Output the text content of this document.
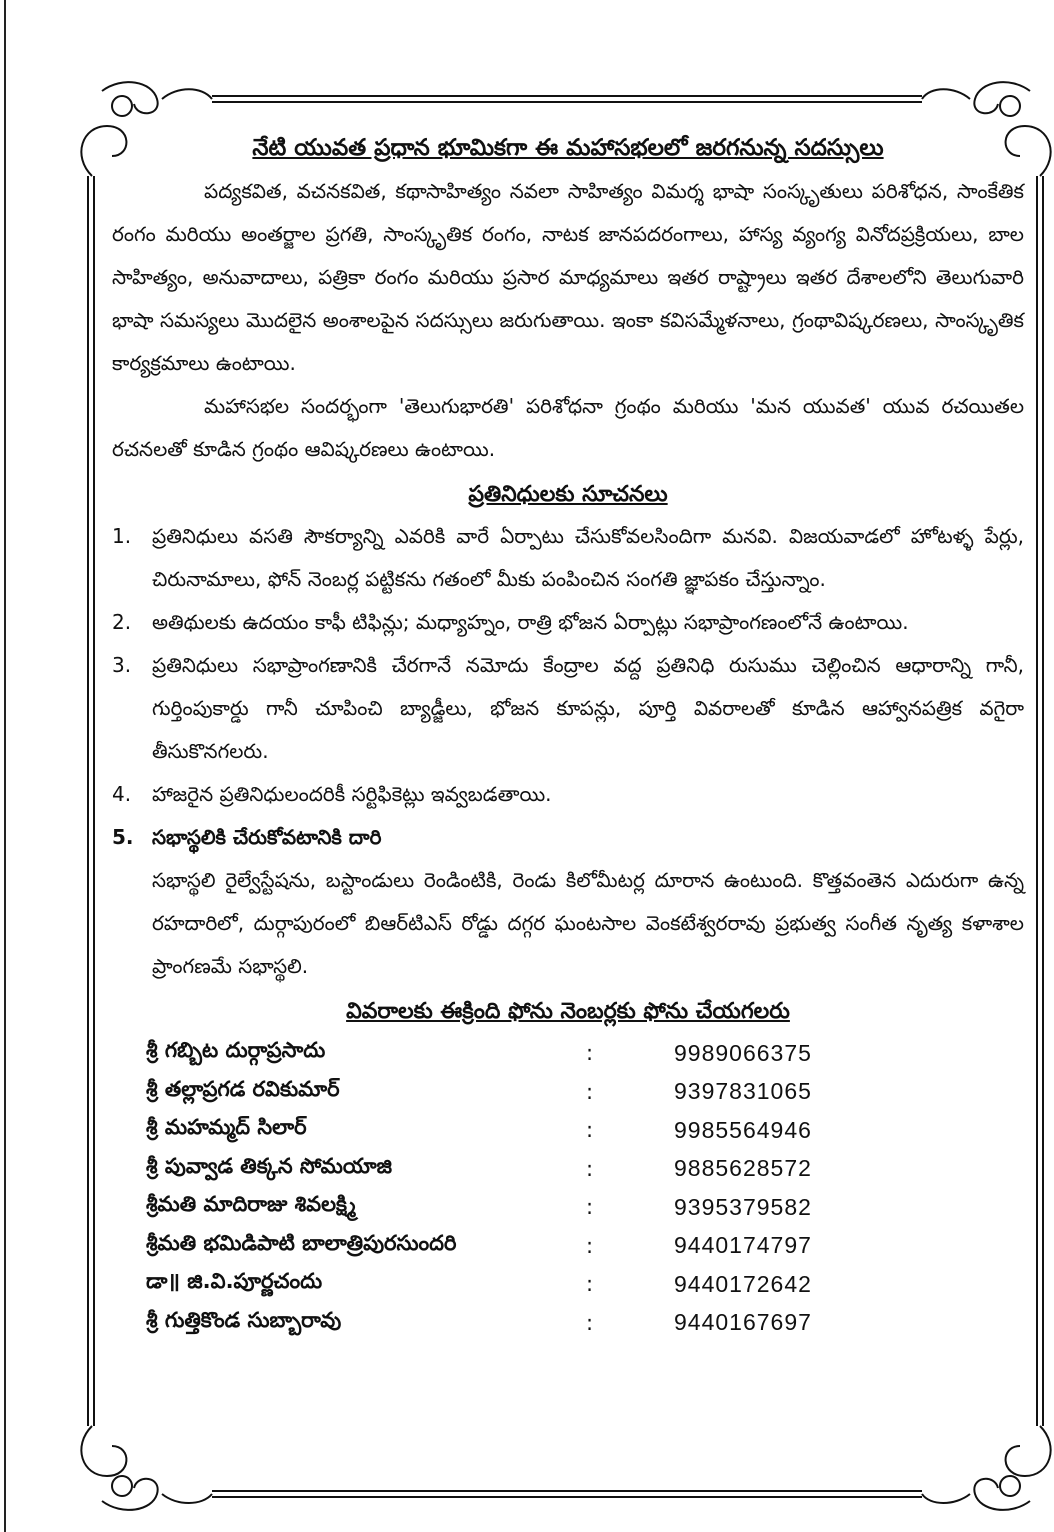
నేటి యువత ప్రధాన భూమికగా ఈ మహాసభలలో జరగనున్న సదస్సులు

పద్యకవిత, వచనకవిత, కథాసాహిత్యం నవలా సాహిత్యం విమర్శ భాషా సంస్కృతులు పరిశోధన, సాంకేతిక రంగం మరియు అంతర్జాల ప్రగతి, సాంస్కృతిక రంగం, నాటక జానపదరంగాలు, హాస్య వ్యంగ్య వినోదప్రక్రియలు, బాల సాహిత్యం, అనువాదాలు, పత్రికా రంగం మరియు ప్రసార మాధ్యమాలు ఇతర రాష్ట్రాలు ఇతర దేశాలలోని తెలుగువారి భాషా సమస్యలు మొదలైన అంశాలపైన సదస్సులు జరుగుతాయి. ఇంకా కవిసమ్మేళనాలు, గ్రంథావిష్కరణలు, సాంస్కృతిక కార్యక్రమాలు ఉంటాయి.

మహాసభల సందర్భంగా 'తెలుగుభారతి' పరిశోధనా గ్రంథం మరియు 'మన యువత' యువ రచయితల రచనలతో కూడిన గ్రంథం ఆవిష్కరణలు ఉంటాయి.

ప్రతినిధులకు సూచనలు
1. ప్రతినిధులు వసతి సౌకర్యాన్ని ఎవరికి వారే ఏర్పాటు చేసుకోవలసిందిగా మనవి. విజయవాడలో హోటళ్ళ పేర్లు, చిరునామాలు, ఫోన్ నెంబర్ల పట్టికను గతంలో మీకు పంపించిన సంగతి జ్ఞాపకం చేస్తున్నాం.
2. అతిథులకు ఉదయం కాఫీ టిఫిన్లు; మధ్యాహ్నం, రాత్రి భోజన ఏర్పాట్లు సభాప్రాంగణంలోనే ఉంటాయి.
3. ప్రతినిధులు సభాప్రాంగణానికి చేరగానే నమోదు కేంద్రాల వద్ద ప్రతినిధి రుసుము చెల్లించిన ఆధారాన్ని గానీ, గుర్తింపుకార్డు గానీ చూపించి బ్యాడ్జీలు, భోజన కూపన్లు, పూర్తి వివరాలతో కూడిన ఆహ్వానపత్రిక వగైరా తీసుకొనగలరు.
4. హాజరైన ప్రతినిధులందరికీ సర్టిఫికెట్లు ఇవ్వబడతాయి.
5. సభాస్థలికి చేరుకోవటానికి దారి

సభాస్థలి రైల్వేస్టేషను, బస్టాండులు రెండింటికి, రెండు కిలోమీటర్ల దూరాన ఉంటుంది. కొత్తవంతెన ఎదురుగా ఉన్న రహదారిలో, దుర్గాపురంలో బిఆర్‌టిఎస్ రోడ్డు దగ్గర ఘంటసాల వెంకటేశ్వరరావు ప్రభుత్వ సంగీత నృత్య కళాశాల ప్రాంగణమే సభాస్థలి.

వివరాలకు ఈక్రింది ఫోను నెంబర్లకు ఫోను చేయగలరు
శ్రీ గబ్బిట దుర్గాప్రసాదు	:	9989066375
శ్రీ తల్లాప్రగడ రవికుమార్	:	9397831065
శ్రీ మహమ్మద్ సిలార్	:	9985564946
శ్రీ పువ్వాడ తిక్కన సోమయాజి	:	9885628572
శ్రీమతి మాదిరాజు శివలక్ష్మి	:	9395379582
శ్రీమతి భమిడిపాటి బాలాత్రిపురసుందరి	:	9440174797
డా॥ జి.వి.పూర్ణచందు	:	9440172642
శ్రీ గుత్తికొండ సుబ్బారావు	:	9440167697
